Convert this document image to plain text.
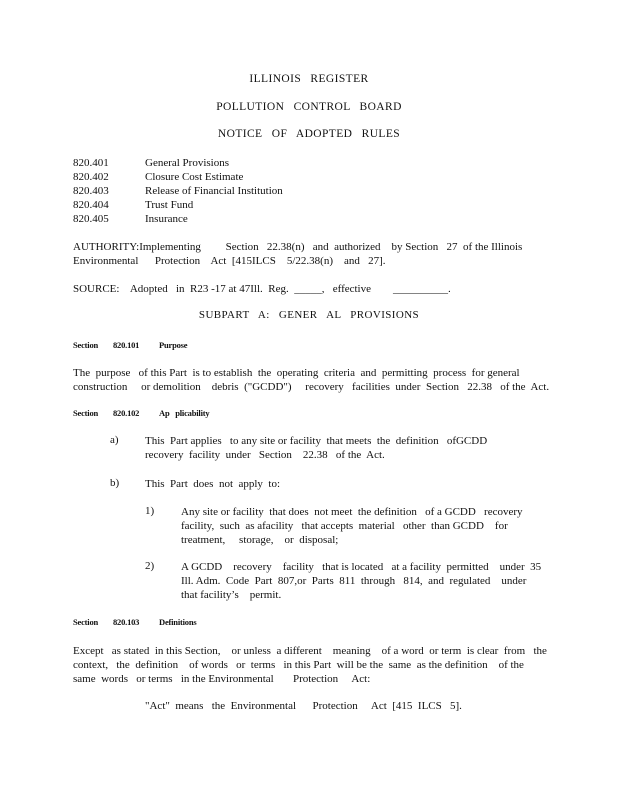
ILLINOIS REGISTER
POLLUTION CONTROL BOARD
NOTICE OF ADOPTED RULES
820.401	General Provisions
820.402	Closure Cost Estimate
820.403	Release of Financial Institution
820.404	Trust Fund
820.405	Insurance
AUTHORITY:Implementing         Section   22.38(n)   and  authorized    by Section   27  of the Illinois
Environmental      Protection    Act  [415ILCS    5/22.38(n)    and   27].
SOURCE:    Adopted   in  R23 -17 at 47Ill.  Reg.  _____,   effective        __________.
SUBPART A: GENER AL PROVISIONS
Section 820.101 Purpose
The  purpose   of this Part  is to establish  the  operating  criteria  and  permitting  process  for general
construction     or demolition    debris  ("GCDD")     recovery   facilities  under  Section   22.38   of the  Act.
Section 820.102 Ap   plicability
a) This  Part applies   to any site or facility  that meets  the  definition   ofGCDD
recovery  facility  under   Section    22.38   of the  Act.
b) This  Part  does  not  apply  to:
1) Any site or facility  that does  not meet  the definition   of a GCDD   recovery
facility,  such  as afacility   that accepts  material   other  than GCDD    for
treatment,     storage,    or  disposal;
2) A GCDD    recovery    facility   that is located   at a facility  permitted    under  35
Ill. Adm.  Code  Part  807,or  Parts  811  through   814,  and  regulated    under
that facility’s    permit.
Section 820.103 Definitions
Except   as stated  in this Section,    or unless  a different    meaning    of a word  or term  is clear  from   the
context,   the  definition    of words   or  terms   in this Part  will be the  same  as the definition    of the
same  words   or terms   in the Environmental       Protection     Act:
"Act"  means   the  Environmental      Protection     Act  [415  ILCS   5].
